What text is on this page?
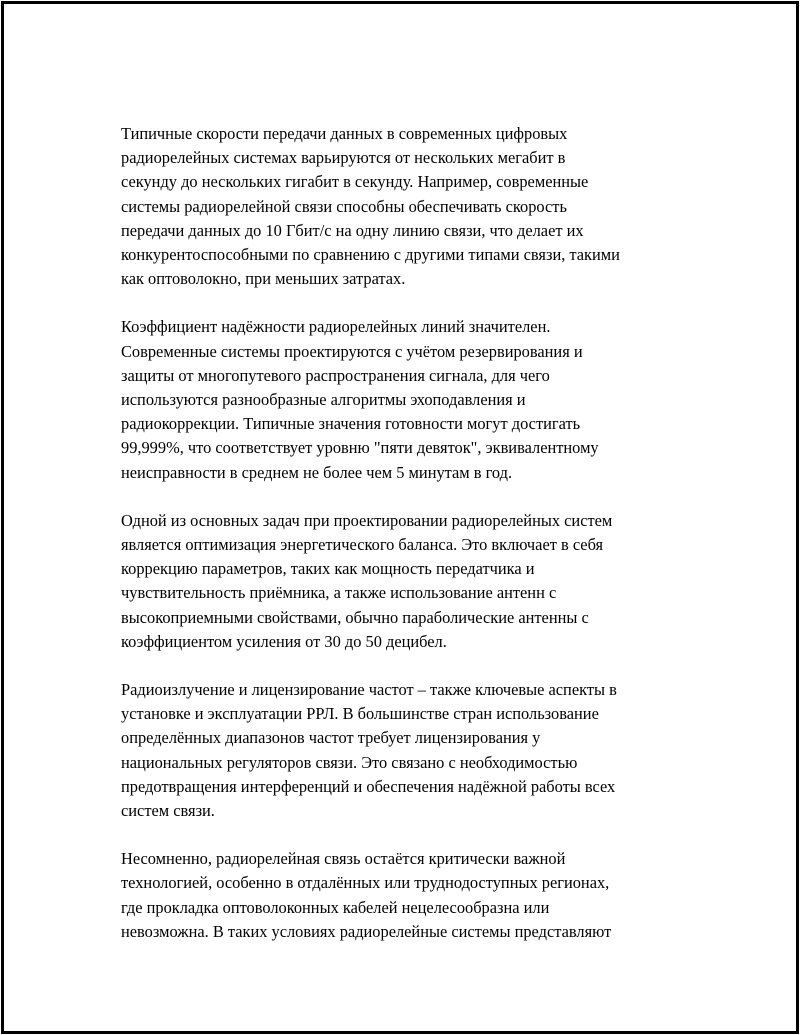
Типичные скорости передачи данных в современных цифровых
радиорелейных системах варьируются от нескольких мегабит в
секунду до нескольких гигабит в секунду. Например, современные
системы радиорелейной связи способны обеспечивать скорость
передачи данных до 10 Гбит/с на одну линию связи, что делает их
конкурентоспособными по сравнению с другими типами связи, такими
как оптоволокно, при меньших затратах.

Коэффициент надёжности радиорелейных линий значителен.
Современные системы проектируются с учётом резервирования и
защиты от многопутевого распространения сигнала, для чего
используются разнообразные алгоритмы эхоподавления и
радиокоррекции. Типичные значения готовности могут достигать
99,999%, что соответствует уровню "пяти девяток", эквивалентному
неисправности в среднем не более чем 5 минутам в год.

Одной из основных задач при проектировании радиорелейных систем
является оптимизация энергетического баланса. Это включает в себя
коррекцию параметров, таких как мощность передатчика и
чувствительность приёмника, а также использование антенн с
высокоприемными свойствами, обычно параболические антенны с
коэффициентом усиления от 30 до 50 децибел.

Радиоизлучение и лицензирование частот – также ключевые аспекты в
установке и эксплуатации РРЛ. В большинстве стран использование
определённых диапазонов частот требует лицензирования у
национальных регуляторов связи. Это связано с необходимостью
предотвращения интерференций и обеспечения надёжной работы всех
систем связи.

Несомненно, радиорелейная связь остаётся критически важной
технологией, особенно в отдалённых или труднодоступных регионах,
где прокладка оптоволоконных кабелей нецелесообразна или
невозможна. В таких условиях радиорелейные системы представляют
